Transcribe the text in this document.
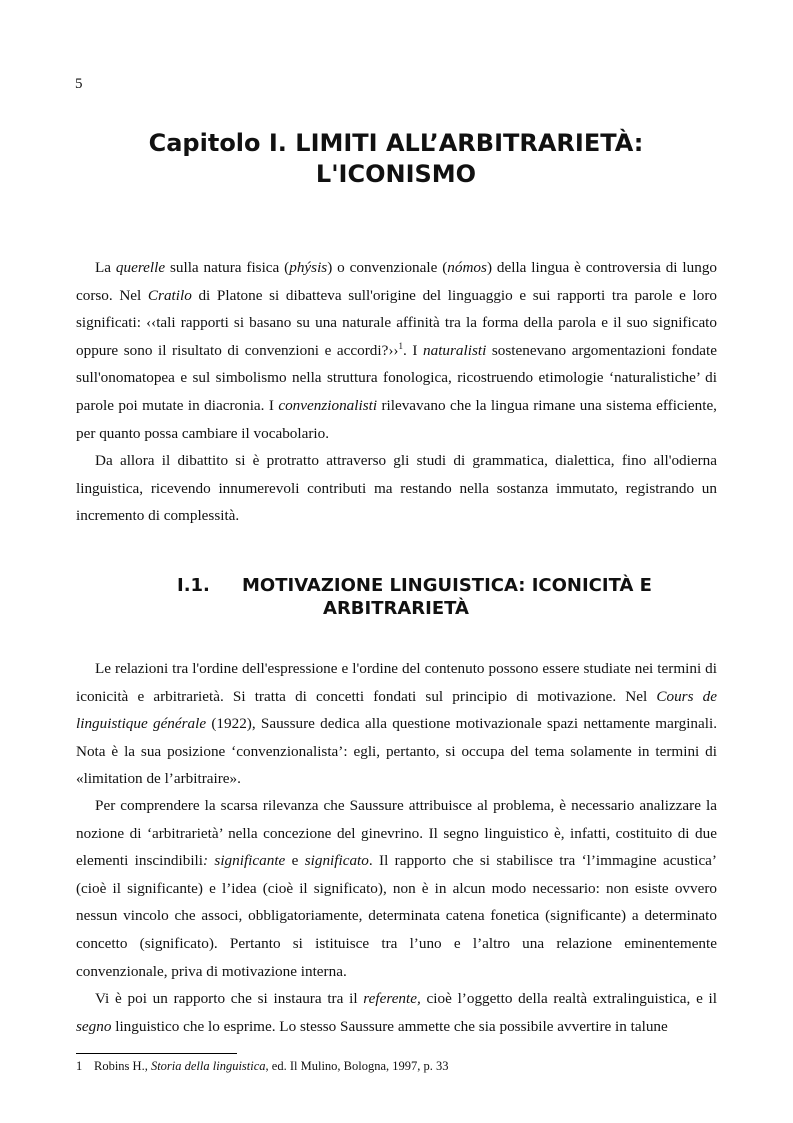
5
Capitolo I. LIMITI ALL’ARBITRARIETÀ:
L'ICONISMO

La querelle sulla natura fisica (phýsis) o convenzionale (nómos) della lingua è controversia di lungo corso. Nel Cratilo di Platone si dibatteva sull'origine del linguaggio e sui rapporti tra parole e loro significati: ‹‹tali rapporti si basano su una naturale affinità tra la forma della parola e il suo significato oppure sono il risultato di convenzioni e accordi?››$^1$. I naturalisti sostenevano argomentazioni fondate sull'onomatopea e sul simbolismo nella struttura fonologica, ricostruendo etimologie ‘naturalistiche’ di parole poi mutate in diacronia. I convenzionalisti rilevavano che la lingua rimane una sistema efficiente, per quanto possa cambiare il vocabolario.

Da allora il dibattito si è protratto attraverso gli studi di grammatica, dialettica, fino all'odierna linguistica, ricevendo innumerevoli contributi ma restando nella sostanza immutato, registrando un incremento di complessità.

I.1. MOTIVAZIONE LINGUISTICA: ICONICITÀ E
ARBITRARIETÀ

Le relazioni tra l'ordine dell'espressione e l'ordine del contenuto possono essere studiate nei termini di iconicità e arbitrarietà. Si tratta di concetti fondati sul principio di motivazione. Nel Cours de linguistique générale (1922), Saussure dedica alla questione motivazionale spazi nettamente marginali. Nota è la sua posizione ‘convenzionalista’: egli, pertanto, si occupa del tema solamente in termini di «limitation de l’arbitraire».

Per comprendere la scarsa rilevanza che Saussure attribuisce al problema, è necessario analizzare la nozione di ‘arbitrarietà’ nella concezione del ginevrino. Il segno linguistico è, infatti, costituito di due elementi inscindibili: significante e significato. Il rapporto che si stabilisce tra ‘l’immagine acustica’ (cioè il significante) e l’idea (cioè il significato), non è in alcun modo necessario: non esiste ovvero nessun vincolo che associ, obbligatoriamente, determinata catena fonetica (significante) a determinato concetto (significato). Pertanto si istituisce tra l’uno e l’altro una relazione eminentemente convenzionale, priva di motivazione interna.

Vi è poi un rapporto che si instaura tra il referente, cioè l’oggetto della realtà extralinguistica, e il segno linguistico che lo esprime. Lo stesso Saussure ammette che sia possibile avvertire in talune

1 Robins H., Storia della linguistica, ed. Il Mulino, Bologna, 1997, p. 33
